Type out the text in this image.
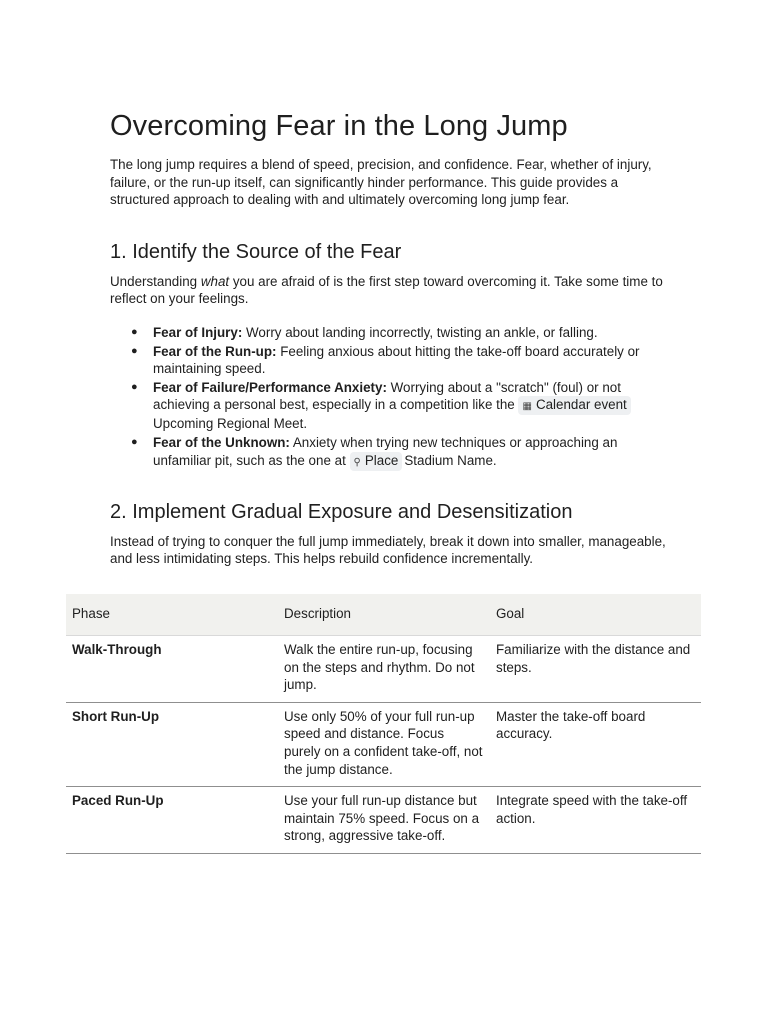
Overcoming Fear in the Long Jump

The long jump requires a blend of speed, precision, and confidence. Fear, whether of injury, failure, or the run-up itself, can significantly hinder performance. This guide provides a structured approach to dealing with and ultimately overcoming long jump fear.

1. Identify the Source of the Fear

Understanding what you are afraid of is the first step toward overcoming it. Take some time to reflect on your feelings.

● Fear of Injury: Worry about landing incorrectly, twisting an ankle, or falling.
● Fear of the Run-up: Feeling anxious about hitting the take-off board accurately or maintaining speed.
● Fear of Failure/Performance Anxiety: Worrying about a "scratch" (foul) or not achieving a personal best, especially in a competition like the ▦ Calendar eventUpcoming Regional Meet.
● Fear of the Unknown: Anxiety when trying new techniques or approaching an unfamiliar pit, such as the one at ⚲ Place Stadium Name.
2. Implement Gradual Exposure and Desensitization

Instead of trying to conquer the full jump immediately, break it down into smaller, manageable, and less intimidating steps. This helps rebuild confidence incrementally.

Phase	Description	Goal
Walk-Through	Walk the entire run-up, focusing on the steps and rhythm. Do not jump.	Familiarize with the distance and steps.
Short Run-Up	Use only 50% of your full run-up speed and distance. Focus purely on a confident take-off, not the jump distance.	Master the take-off board accuracy.
Paced Run-Up	Use your full run-up distance but maintain 75% speed. Focus on a strong, aggressive take-off.	Integrate speed with the take-off action.
